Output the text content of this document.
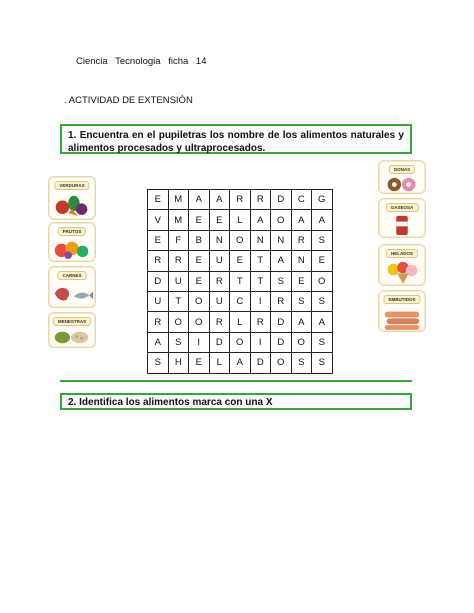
Ciencia Tecnologia ficha 14
. ACTIVIDAD DE EXTENSIÓN
1. Encuentra en el pupiletras los nombre de los alimentos naturales y alimentos procesados y ultraprocesados.
VERDURAS
FRUTOS
CARNES
MENESTRAS
E	M	A	A	R	R	D	C	G
V	M	E	E	L	A	O	A	A
E	F	B	N	O	N	N	R	S
R	R	E	U	E	T	A	N	E
D	U	E	R	T	T	S	E	O
U	T	O	U	C	I	R	S	S
R	O	O	R	L	R	D	A	A
A	S	I	D	O	I	D	O	S
S	H	E	L	A	D	O	S	S
DONAS
GASEOSA
HELADOS
EMBUTIDOS
2. Identifica los alimentos marca con una X
